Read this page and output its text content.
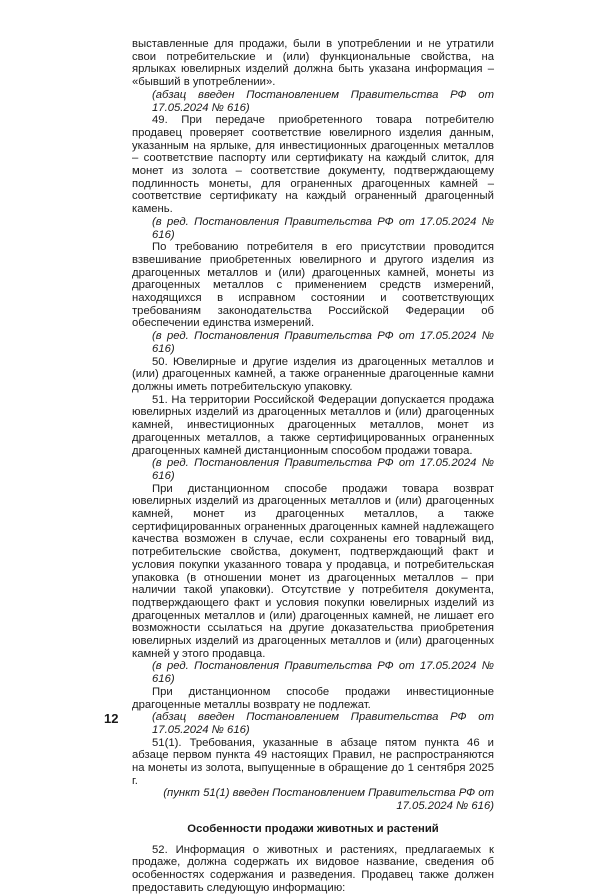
выставленные для продажи, были в употреблении и не утратили свои потребительские и (или) функциональные свойства, на ярлыках ювелирных изделий должна быть указана информация – «бывший в употреблении».

(абзац введен Постановлением Правительства РФ от 17.05.2024 № 616)

49. При передаче приобретенного товара потребителю продавец проверяет соответствие ювелирного изделия данным, указанным на ярлыке, для инвестиционных драгоценных металлов – соответствие паспорту или сертификату на каждый слиток, для монет из золота – соответствие документу, подтверждающему подлинность монеты, для ограненных драгоценных камней – соответствие сертификату на каждый ограненный драгоценный камень.

(в ред. Постановления Правительства РФ от 17.05.2024 № 616)

По требованию потребителя в его присутствии проводится взвешивание приобретенных ювелирного и другого изделия из драгоценных металлов и (или) драгоценных камней, монеты из драгоценных металлов с применением средств измерений, находящихся в исправном состоянии и соответствующих требованиям законодательства Российской Федерации об обеспечении единства измерений.

(в ред. Постановления Правительства РФ от 17.05.2024 № 616)

50. Ювелирные и другие изделия из драгоценных металлов и (или) драгоценных камней, а также ограненные драгоценные камни должны иметь потребительскую упаковку.

51. На территории Российской Федерации допускается продажа ювелирных изделий из драгоценных металлов и (или) драгоценных камней, инвестиционных драгоценных металлов, монет из драгоценных металлов, а также сертифицированных ограненных драгоценных камней дистанционным способом продажи товара.

(в ред. Постановления Правительства РФ от 17.05.2024 № 616)

При дистанционном способе продажи товара возврат ювелирных изделий из драгоценных металлов и (или) драгоценных камней, монет из драгоценных металлов, а также сертифицированных ограненных драгоценных камней надлежащего качества возможен в случае, если сохранены его товарный вид, потребительские свойства, документ, подтверждающий факт и условия покупки указанного товара у продавца, и потребительская упаковка (в отношении монет из драгоценных металлов – при наличии такой упаковки). Отсутствие у потребителя документа, подтверждающего факт и условия покупки ювелирных изделий из драгоценных металлов и (или) драгоценных камней, не лишает его возможности ссылаться на другие доказательства приобретения ювелирных изделий из драгоценных металлов и (или) драгоценных камней у этого продавца.

(в ред. Постановления Правительства РФ от 17.05.2024 № 616)

При дистанционном способе продажи инвестиционные драгоценные металлы возврату не подлежат.

(абзац введен Постановлением Правительства РФ от 17.05.2024 № 616)

51(1). Требования, указанные в абзаце пятом пункта 46 и абзаце первом пункта 49 настоящих Правил, не распространяются на монеты из золота, выпущенные в обращение до 1 сентября 2025 г.

(пункт 51(1) введен Постановлением Правительства РФ от 17.05.2024 № 616)

Особенности продажи животных и растений

52. Информация о животных и растениях, предлагаемых к продаже, должна содержать их видовое название, сведения об особенностях содержания и разведения. Продавец также должен предоставить следующую информацию:

12
